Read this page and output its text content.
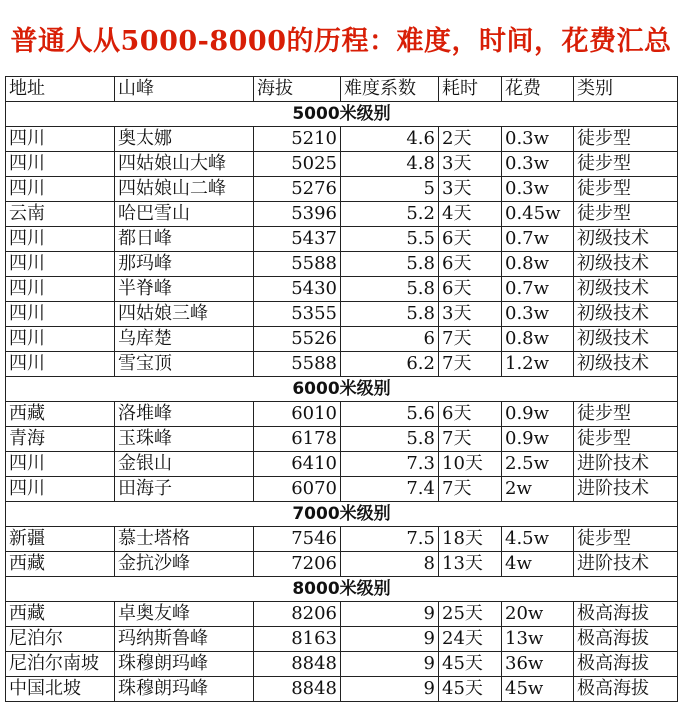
普通人从5000-8000的历程：难度，时间，花费汇总
地址	山峰	海拔	难度系数	耗时	花费	类别
5000米级别						
四川	奥太娜	5210	4.6	2天	0.3w	徒步型
四川	四姑娘山大峰	5025	4.8	3天	0.3w	徒步型
四川	四姑娘山二峰	5276	5	3天	0.3w	徒步型
云南	哈巴雪山	5396	5.2	4天	0.45w	徒步型
四川	都日峰	5437	5.5	6天	0.7w	初级技术
四川	那玛峰	5588	5.8	6天	0.8w	初级技术
四川	半脊峰	5430	5.8	6天	0.7w	初级技术
四川	四姑娘三峰	5355	5.8	3天	0.3w	初级技术
四川	乌库楚	5526	6	7天	0.8w	初级技术
四川	雪宝顶	5588	6.2	7天	1.2w	初级技术
6000米级别						
西藏	洛堆峰	6010	5.6	6天	0.9w	徒步型
青海	玉珠峰	6178	5.8	7天	0.9w	徒步型
四川	金银山	6410	7.3	10天	2.5w	进阶技术
四川	田海子	6070	7.4	7天	2w	进阶技术
7000米级别						
新疆	慕士塔格	7546	7.5	18天	4.5w	徒步型
西藏	金抗沙峰	7206	8	13天	4w	进阶技术
8000米级别						
西藏	卓奥友峰	8206	9	25天	20w	极高海拔
尼泊尔	玛纳斯鲁峰	8163	9	24天	13w	极高海拔
尼泊尔南坡	珠穆朗玛峰	8848	9	45天	36w	极高海拔
中国北坡	珠穆朗玛峰	8848	9	45天	45w	极高海拔
